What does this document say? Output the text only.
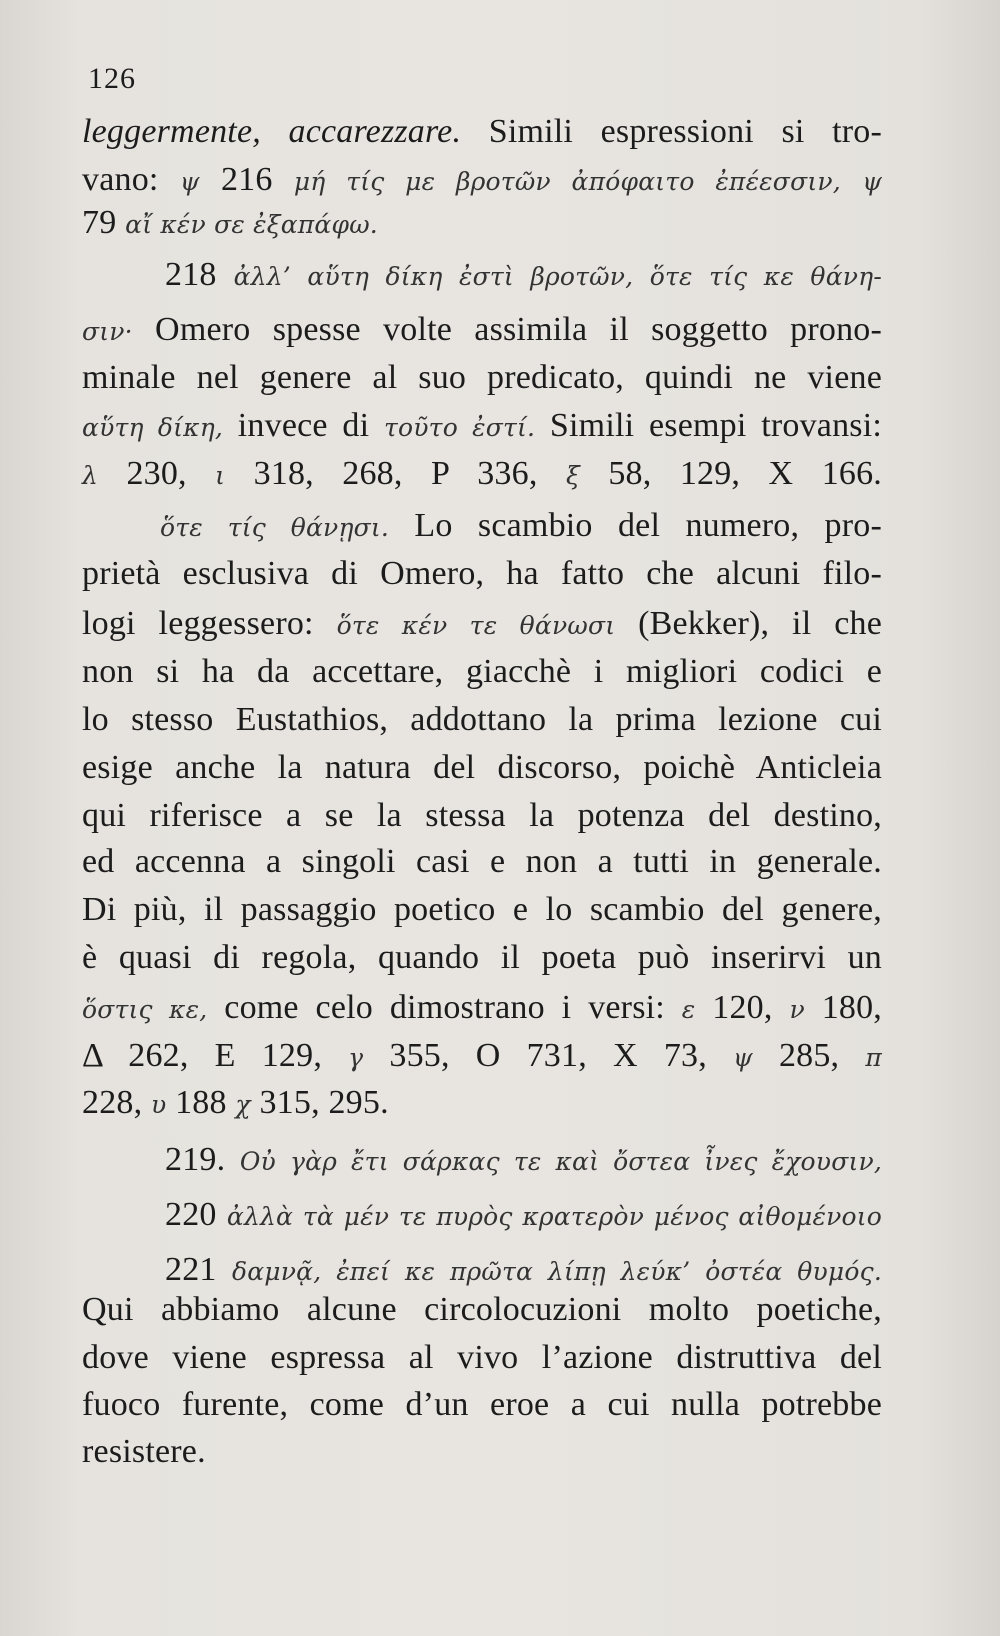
126
leggermente, accarezzare. Simili espressioni si tro-
vano: ψ 216 μή τίς με βροτῶν ἀπόφαιτο ἐπέεσσιν, ψ
79 αἴ κέν σε ἐξαπάφω.
218 ἀλλ’ αὕτη δίκη ἐστὶ βροτῶν, ὅτε τίς κε θάνη-
σιν· Omero spesse volte assimila il soggetto prono-
minale nel genere al suo predicato, quindi ne viene
αὕτη δίκη, invece di τοῦτο ἐστί. Simili esempi trovansi:
λ 230, ι 318, 268, P 336, ξ 58, 129, X 166.
ὅτε τίς θάνῃσι. Lo scambio del numero, pro-
prietà esclusiva di Omero, ha fatto che alcuni filo-
logi leggessero: ὅτε κέν τε θάνωσι (Bekker), il che
non si ha da accettare, giacchè i migliori codici e
lo stesso Eustathios, addottano la prima lezione cui
esige anche la natura del discorso, poichè Anticleia
qui riferisce a se la stessa la potenza del destino,
ed accenna a singoli casi e non a tutti in generale.
Di più, il passaggio poetico e lo scambio del genere,
è quasi di regola, quando il poeta può inserirvi un
ὅστις κε, come celo dimostrano i versi: ε 120, ν 180,
Δ 262, E 129, γ 355, O 731, X 73, ψ 285, π
228, υ 188 χ 315, 295.
219. Οὐ γὰρ ἔτι σάρκας τε καὶ ὄστεα ἶνες ἔχουσιν,
220 ἀλλὰ τὰ μέν τε πυρὸς κρατερὸν μένος αἰθομένοιο
221 δαμνᾷ, ἐπεί κε πρῶτα λίπῃ λεύκ’ ὀστέα θυμός.
Qui abbiamo alcune circolocuzioni molto poetiche,
dove viene espressa al vivo l’azione distruttiva del
fuoco furente, come d’un eroe a cui nulla potrebbe
resistere.
